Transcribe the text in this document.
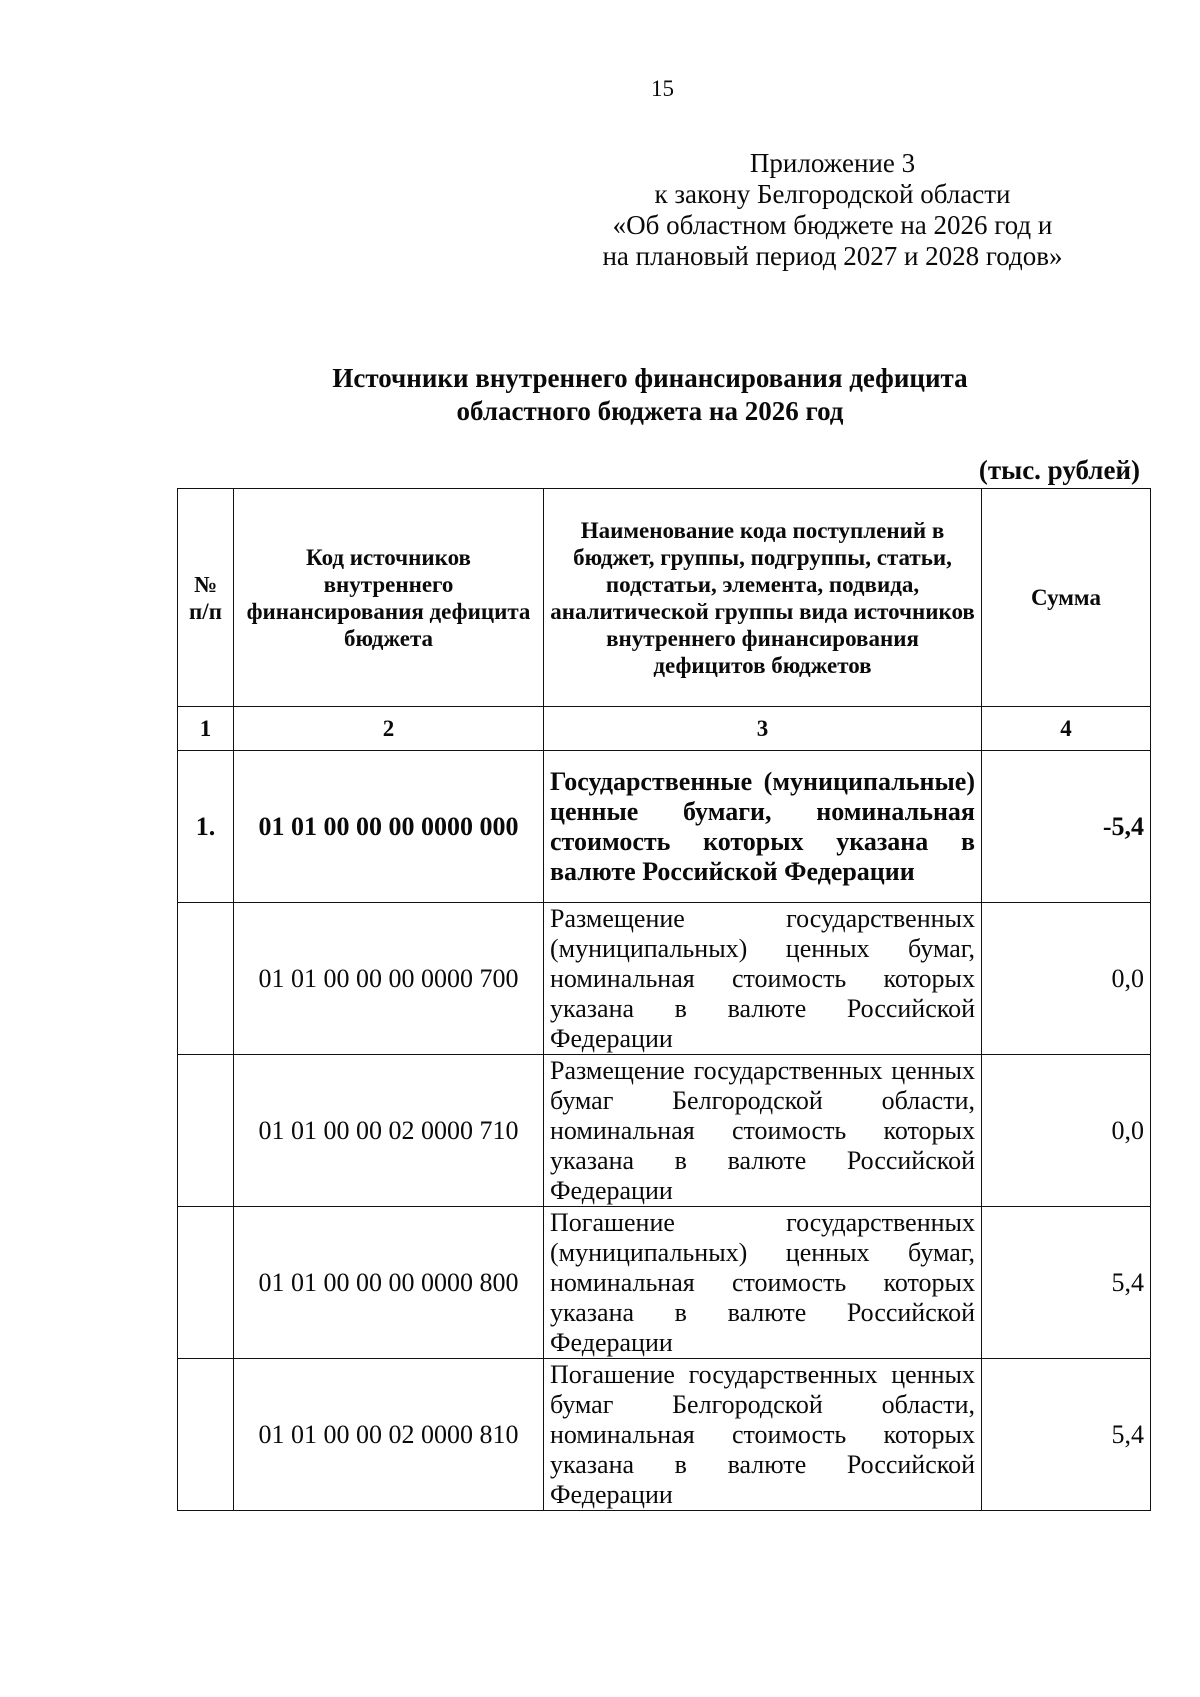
15
Приложение 3
к закону Белгородской области
«Об областном бюджете на 2026 год и
на плановый период 2027 и 2028 годов»
Источники внутреннего финансирования дефицита
областного бюджета на 2026 год
(тыс. рублей)
№ п/п	Код источников внутреннего финансирования дефицита бюджета	Наименование кода поступлений в бюджет, группы, подгруппы, статьи, подстатьи, элемента, подвида, аналитической группы вида источников внутреннего финансирования дефицитов бюджетов	Сумма
1	2	3	4
1.	01 01 00 00 00 0000 000	Государственные (муниципальные) ценные бумаги, номинальная стоимость которых указана в валюте Российской Федерации	-5,4
	01 01 00 00 00 0000 700	Размещение государственных (муниципальных) ценных бумаг, номинальная стоимость которых указана в валюте Российской Федерации	0,0
	01 01 00 00 02 0000 710	Размещение государственных ценных бумаг Белгородской области, номинальная стоимость которых указана в валюте Российской Федерации	0,0
	01 01 00 00 00 0000 800	Погашение государственных (муниципальных) ценных бумаг, номинальная стоимость которых указана в валюте Российской Федерации	5,4
	01 01 00 00 02 0000 810	Погашение государственных ценных бумаг Белгородской области, номинальная стоимость которых указана в валюте Российской Федерации	5,4
